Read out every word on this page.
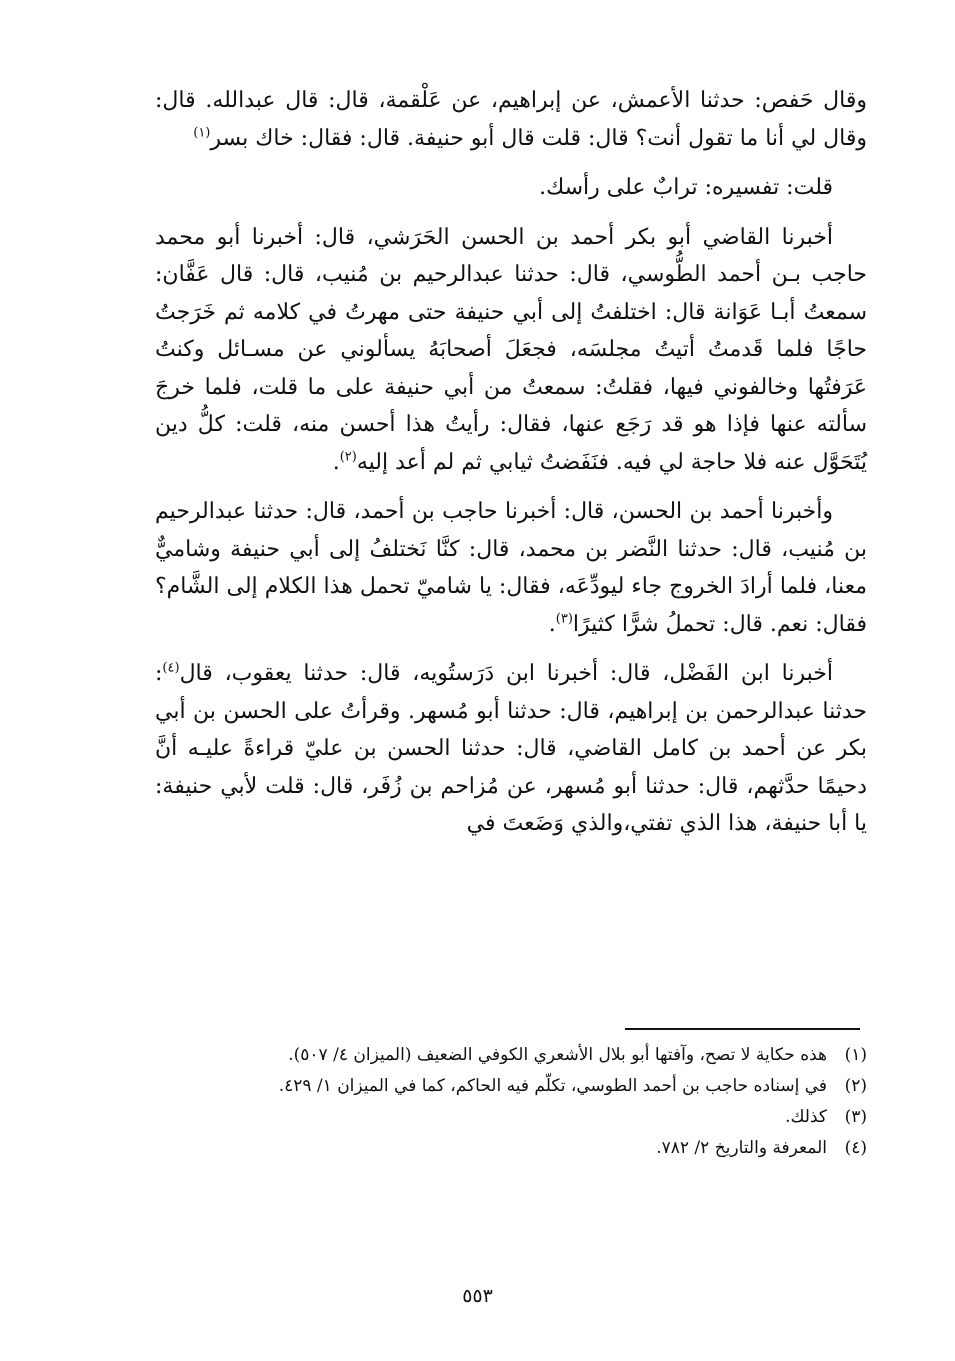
وقال حَفص: حدثنا الأعمش، عن إبراهيم، عن عَلْقمة، قال: قال عبدالله. قال: وقال لي أنا ما تقول أنت؟ قال: قلت قال أبو حنيفة. قال: فقال: خاك بسر$^{(١)}$

قلت: تفسيره: ترابٌ على رأسك.

أخبرنا القاضي أبو بكر أحمد بن الحسن الحَرَشي، قال: أخبرنا أبو محمد حاجب بـن أحمد الطُّوسي، قال: حدثنا عبدالرحيم بن مُنيب، قال: قال عَفَّان: سمعتُ أبـا عَوَانة قال: اختلفتُ إلى أبي حنيفة حتى مهرتُ في كلامه ثم خَرَجتُ حاجًا فلما قَدمتُ أتيتُ مجلسَه، فجعَلَ أصحابَهُ يسألوني عن مسـائل وكنتُ عَرَفتُها وخالفوني فيها، فقلتُ: سمعتُ من أبي حنيفة على ما قلت، فلما خرجَ سألته عنها فإذا هو قد رَجَع عنها، فقال: رأيتُ هذا أحسن منه، قلت: كلُّ دين يُتَحَوَّل عنه فلا حاجة لي فيه. فنَفَضتُ ثيابي ثم لم أعد إليه$^{(٢)}$.

وأخبرنا أحمد بن الحسن، قال: أخبرنا حاجب بن أحمد، قال: حدثنا عبدالرحيم بن مُنيب، قال: حدثنا النَّضر بن محمد، قال: كنَّا نَختلفُ إلى أبي حنيفة وشاميٌّ معنا، فلما أرادَ الخروج جاء ليودِّعَه، فقال: يا شاميّ تحمل هذا الكلام إلى الشَّام؟ فقال: نعم. قال: تحملُ شرًّا كثيرًا$^{(٣)}$.

أخبرنا ابن الفَضْل، قال: أخبرنا ابن دَرَستُويه، قال: حدثنا يعقوب، قال$^{(٤)}$: حدثنا عبدالرحمن بن إبراهيم، قال: حدثنا أبو مُسهر. وقرأتُ على الحسن بن أبي بكر عن أحمد بن كامل القاضي، قال: حدثنا الحسن بن عليّ قراءةً عليـه أنَّ دحيمًا حدَّثهم، قال: حدثنا أبو مُسهر، عن مُزاحم بن زُفَر، قال: قلت لأبي حنيفة: يا أبا حنيفة، هذا الذي تفتي،والذي وَضَعتَ في

(١)هذه حكاية لا تصح، وآفتها أبو بلال الأشعري الكوفي الضعيف (الميزان ٤/ ٥٠٧).

(٢)في إسناده حاجب بن أحمد الطوسي، تكلّم فيه الحاكم، كما في الميزان ١/ ٤٢٩.

(٣)كذلك.

(٤)المعرفة والتاريخ ٢/ ٧٨٢.

٥٥٣
